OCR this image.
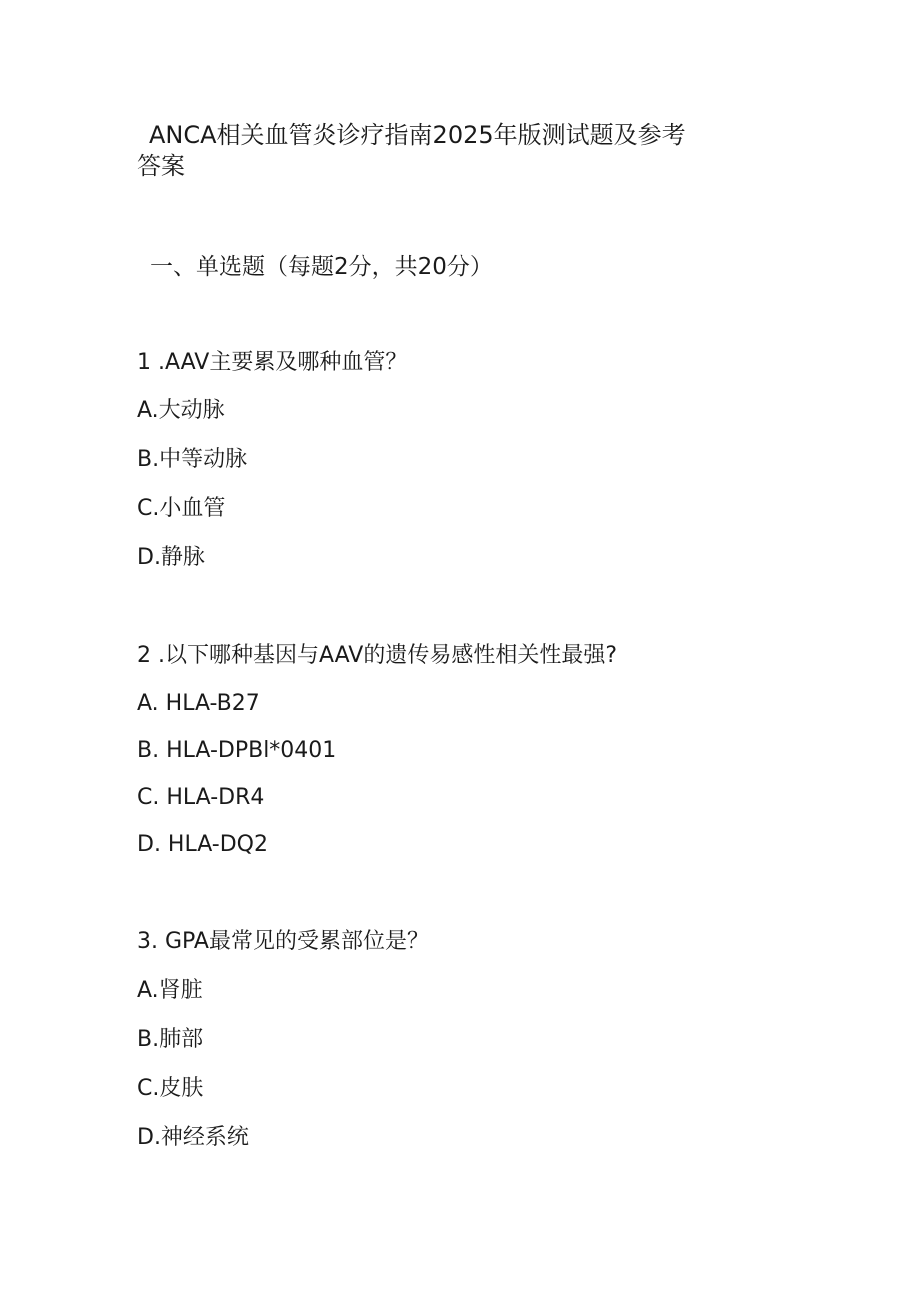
ANCA相关血管炎诊疗指南2025年版测试题及参考答案
一、单选题（每题2分，共20分）
1 .AAV主要累及哪种血管？
A.大动脉
B.中等动脉
C.小血管
D.静脉
2 .以下哪种基因与AAV的遗传易感性相关性最强?
A. HLA-B27
B. HLA-DPBl*0401
C. HLA-DR4
D. HLA-DQ2
3. GPA最常见的受累部位是？
A.肾脏
B.肺部
C.皮肤
D.神经系统
